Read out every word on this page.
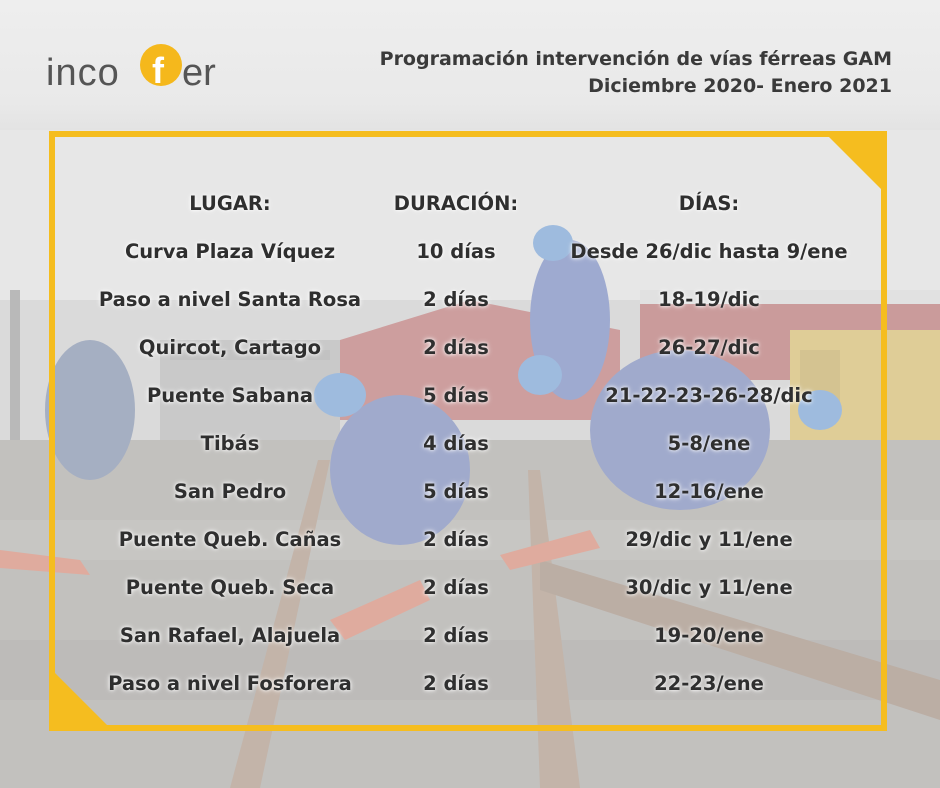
inco f er	Programación intervención de vías férreas GAM
Diciembre 2020- Enero 2021
LUGAR:	DURACIÓN:	DÍAS:
Curva Plaza Víquez	10 días	Desde 26/dic hasta 9/ene
Paso a nivel Santa Rosa	2 días	18-19/dic
Quircot, Cartago	2 días	26-27/dic
Puente Sabana	5 días	21-22-23-26-28/dic
Tibás	4 días	5-8/ene
San Pedro	5 días	12-16/ene
Puente Queb. Cañas	2 días	29/dic y 11/ene
Puente Queb. Seca	2 días	30/dic y 11/ene
San Rafael, Alajuela	2 días	19-20/ene
Paso a nivel Fosforera	2 días	22-23/ene
